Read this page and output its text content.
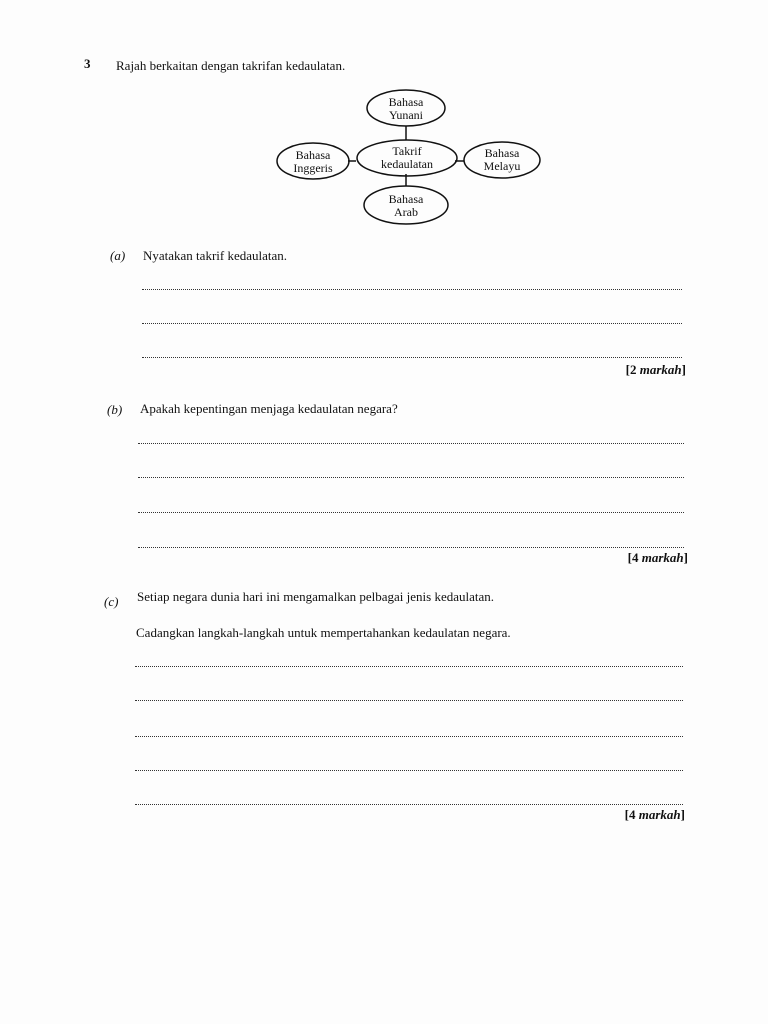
3 Rajah berkaitan dengan takrifan kedaulatan.
Bahasa
Yunani
Takrif
kedaulatan
Bahasa
Inggeris
Bahasa
Melayu
Bahasa
Arab
(a) Nyatakan takrif kedaulatan.
[2 markah]
(b) Apakah kepentingan menjaga kedaulatan negara?
[4 markah]
(c) Setiap negara dunia hari ini mengamalkan pelbagai jenis kedaulatan.
Cadangkan langkah-langkah untuk mempertahankan kedaulatan negara.
[4 markah]
